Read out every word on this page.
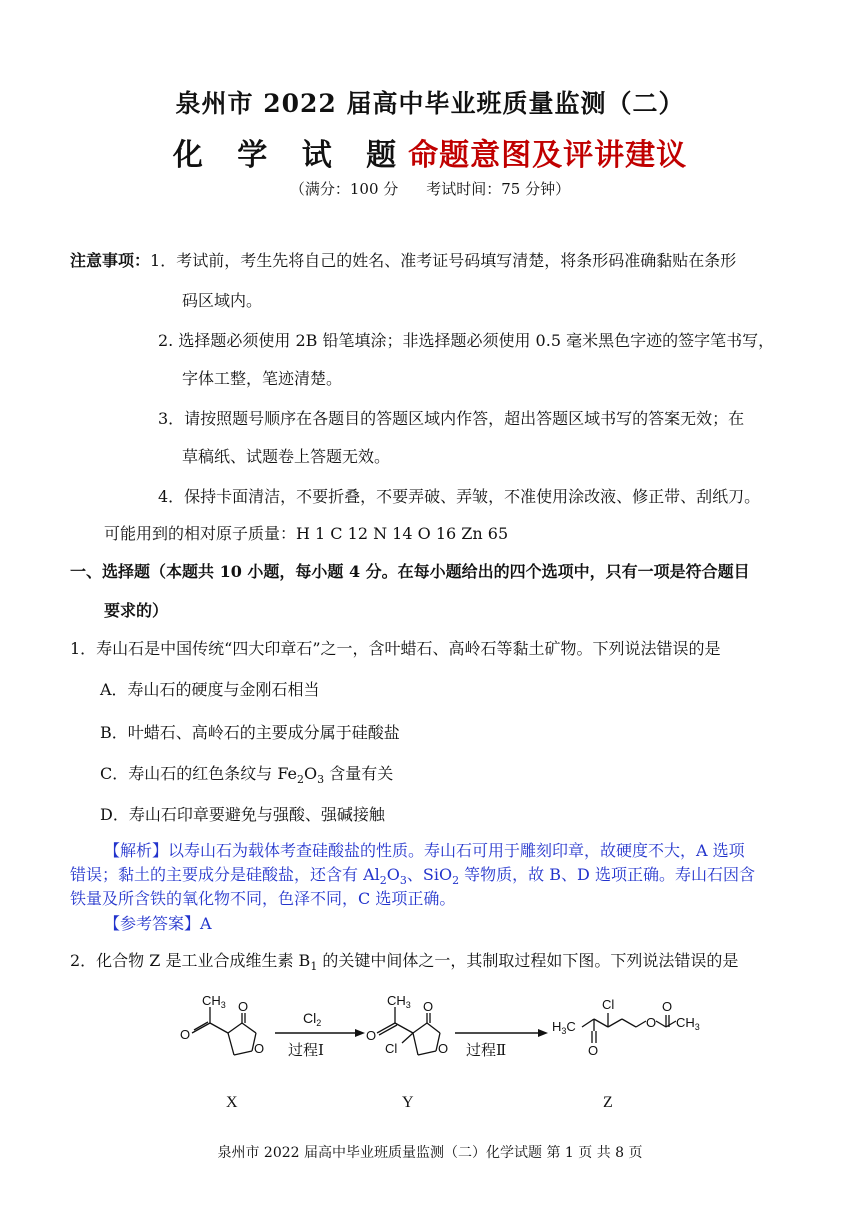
泉州市 2022 届高中毕业班质量监测（二）
化 学 试 题命题意图及评讲建议
（满分：100 分 考试时间：75 分钟）
注意事项：1．考试前，考生先将自己的姓名、准考证号码填写清楚，将条形码准确黏贴在条形
码区域内。
2. 选择题必须使用 2B 铅笔填涂；非选择题必须使用 0.5 毫米黑色字迹的签字笔书写，
字体工整，笔迹清楚。
3．请按照题号顺序在各题目的答题区域内作答，超出答题区域书写的答案无效；在
草稿纸、试题卷上答题无效。
4．保持卡面清洁，不要折叠，不要弄破、弄皱，不准使用涂改液、修正带、刮纸刀。
可能用到的相对原子质量：H 1 C 12 N 14 O 16 Zn 65
一、选择题（本题共 10 小题，每小题 4 分。在每小题给出的四个选项中，只有一项是符合题目
要求的）
1．寿山石是中国传统“四大印章石”之一，含叶蜡石、高岭石等黏土矿物。下列说法错误的是
A．寿山石的硬度与金刚石相当
B．叶蜡石、高岭石的主要成分属于硅酸盐
C．寿山石的红色条纹与 $Fe_2O_3$ 含量有关
D．寿山石印章要避免与强酸、强碱接触
【解析】以寿山石为载体考查硅酸盐的性质。寿山石可用于雕刻印章，故硬度不大，A 选项
错误；黏土的主要成分是硅酸盐，还含有 $Al_2O_3$、SiO$_2$ 等物质，故 B、D 选项正确。寿山石因含
铁量及所含铁的氧化物不同，色泽不同，C 选项正确。
【参考答案】A
2．化合物 Z 是工业合成维生素 $B_1$ 的关键中间体之一，其制取过程如下图。下列说法错误的是
$CH_3$
O
O
O
$Cl_2$
过程Ⅰ
$CH_3$
O
O
O
Cl	过程Ⅱ
$H_3C$
O
Cl
O
O
$CH_3$
X	Y	Z
泉州市 2022 届高中毕业班质量监测（二）化学试题 第 1 页 共 8 页
